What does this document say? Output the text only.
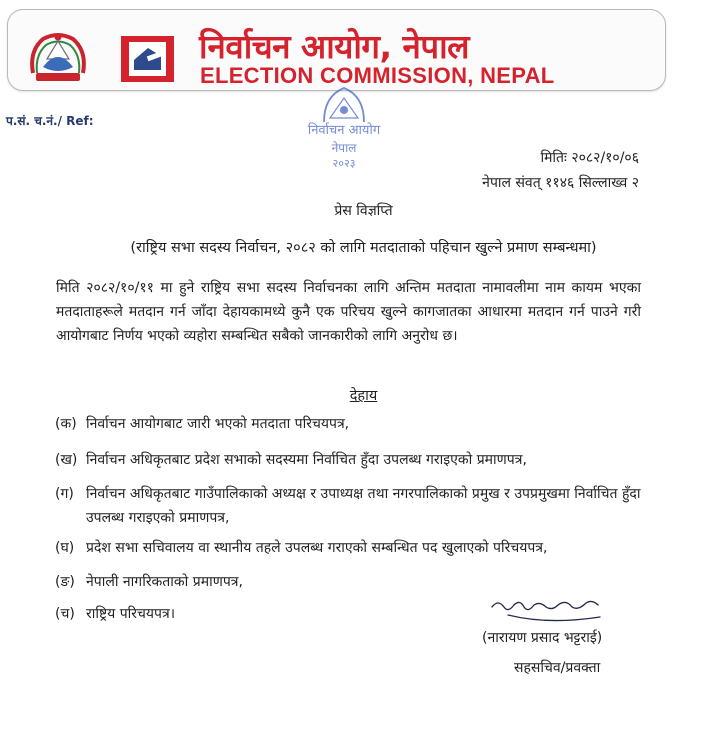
निर्वाचन आयोग, नेपाल
ELECTION COMMISSION, NEPAL
प.सं. च.नं./ Ref:
निर्वाचन आयोग
नेपाल
२०२३	मितिः २०८२/१०/०६
नेपाल संवत् ११४६ सिल्लाख्व २
प्रेस विज्ञप्ति
(राष्ट्रिय सभा सदस्य निर्वाचन, २०८२ को लागि मतदाताको पहिचान खुल्ने प्रमाण सम्बन्धमा)
मिति २०८२/१०/११ मा हुने राष्ट्रिय सभा सदस्य निर्वाचनका लागि अन्तिम मतदाता नामावलीमा नाम कायम भएका मतदाताहरूले मतदान गर्न जाँदा देहायकामध्ये कुनै एक परिचय खुल्ने कागजातका आधारमा मतदान गर्न पाउने गरी आयोगबाट निर्णय भएको व्यहोरा सम्बन्धित सबैको जानकारीको लागि अनुरोध छ।
देहाय
(क) निर्वाचन आयोगबाट जारी भएको मतदाता परिचयपत्र,
(ख) निर्वाचन अधिकृतबाट प्रदेश सभाको सदस्यमा निर्वाचित हुँदा उपलब्ध गराइएको प्रमाणपत्र,
(ग) निर्वाचन अधिकृतबाट गाउँपालिकाको अध्यक्ष र उपाध्यक्ष तथा नगरपालिकाको प्रमुख र उपप्रमुखमा निर्वाचित हुँदा उपलब्ध गराइएको प्रमाणपत्र,
(घ) प्रदेश सभा सचिवालय वा स्थानीय तहले उपलब्ध गराएको सम्बन्धित पद खुलाएको परिचयपत्र,
(ङ) नेपाली नागरिकताको प्रमाणपत्र,
(च) राष्ट्रिय परिचयपत्र।
(नारायण प्रसाद भट्टराई)
सहसचिव/प्रवक्ता
